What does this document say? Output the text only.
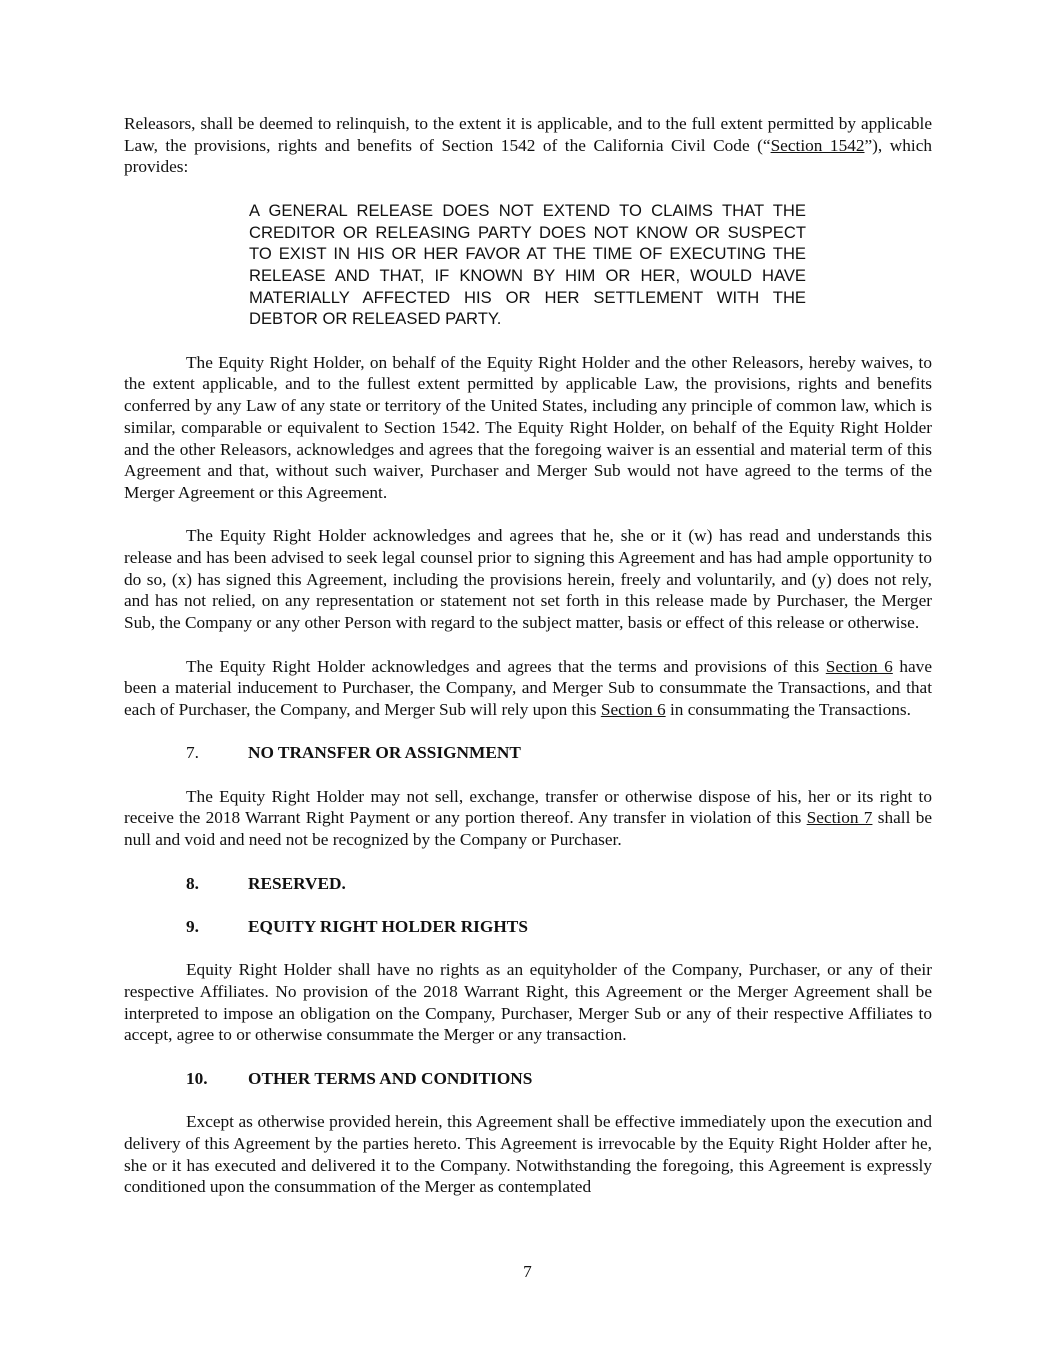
Releasors, shall be deemed to relinquish, to the extent it is applicable, and to the full extent permitted by applicable Law, the provisions, rights and benefits of Section 1542 of the California Civil Code (“Section 1542”), which provides:

A GENERAL RELEASE DOES NOT EXTEND TO CLAIMS THAT THE CREDITOR OR RELEASING PARTY DOES NOT KNOW OR SUSPECT TO EXIST IN HIS OR HER FAVOR AT THE TIME OF EXECUTING THE RELEASE AND THAT, IF KNOWN BY HIM OR HER, WOULD HAVE MATERIALLY AFFECTED HIS OR HER SETTLEMENT WITH THE DEBTOR OR RELEASED PARTY.

The Equity Right Holder, on behalf of the Equity Right Holder and the other Releasors, hereby waives, to the extent applicable, and to the fullest extent permitted by applicable Law, the provisions, rights and benefits conferred by any Law of any state or territory of the United States, including any principle of common law, which is similar, comparable or equivalent to Section 1542. The Equity Right Holder, on behalf of the Equity Right Holder and the other Releasors, acknowledges and agrees that the foregoing waiver is an essential and material term of this Agreement and that, without such waiver, Purchaser and Merger Sub would not have agreed to the terms of the Merger Agreement or this Agreement.

The Equity Right Holder acknowledges and agrees that he, she or it (w) has read and understands this release and has been advised to seek legal counsel prior to signing this Agreement and has had ample opportunity to do so, (x) has signed this Agreement, including the provisions herein, freely and voluntarily, and (y) does not rely, and has not relied, on any representation or statement not set forth in this release made by Purchaser, the Merger Sub, the Company or any other Person with regard to the subject matter, basis or effect of this release or otherwise.

The Equity Right Holder acknowledges and agrees that the terms and provisions of this Section 6 have been a material inducement to Purchaser, the Company, and Merger Sub to consummate the Transactions, and that each of Purchaser, the Company, and Merger Sub will rely upon this Section 6 in consummating the Transactions.

7.	NO TRANSFER OR ASSIGNMENT

The Equity Right Holder may not sell, exchange, transfer or otherwise dispose of his, her or its right to receive the 2018 Warrant Right Payment or any portion thereof. Any transfer in violation of this Section 7 shall be null and void and need not be recognized by the Company or Purchaser.

8.	RESERVED.
9.	EQUITY RIGHT HOLDER RIGHTS

Equity Right Holder shall have no rights as an equityholder of the Company, Purchaser, or any of their respective Affiliates. No provision of the 2018 Warrant Right, this Agreement or the Merger Agreement shall be interpreted to impose an obligation on the Company, Purchaser, Merger Sub or any of their respective Affiliates to accept, agree to or otherwise consummate the Merger or any transaction.

10.	OTHER TERMS AND CONDITIONS

Except as otherwise provided herein, this Agreement shall be effective immediately upon the execution and delivery of this Agreement by the parties hereto. This Agreement is irrevocable by the Equity Right Holder after he, she or it has executed and delivered it to the Company. Notwithstanding the foregoing, this Agreement is expressly conditioned upon the consummation of the Merger as contemplated

7
